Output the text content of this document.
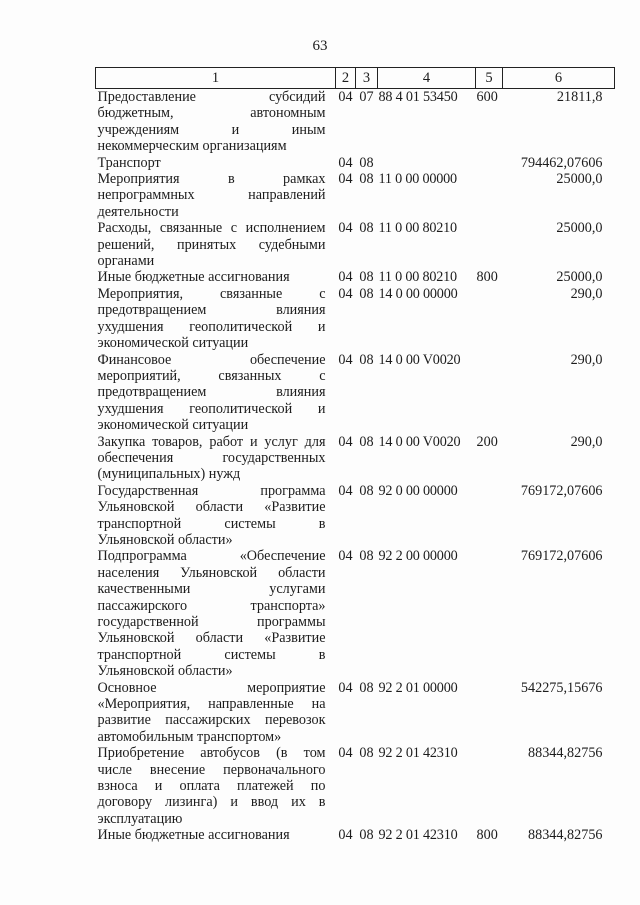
63
1	2	3	4	5	6
Предоставление субсидий бюджетным, автономным учреждениям и иным некоммерческим организациям	04	07	88 4 01 53450	600	21811,8
Транспорт	04	08			794462,07606
Мероприятия в рамках непрограммных направлений деятельности	04	08	11 0 00 00000		25000,0
Расходы, связанные с исполнением решений, принятых судебными органами	04	08	11 0 00 80210		25000,0
Иные бюджетные ассигнования	04	08	11 0 00 80210	800	25000,0
Мероприятия, связанные с предотвращением влияния ухудшения геополитической и экономической ситуации	04	08	14 0 00 00000		290,0
Финансовое обеспечение мероприятий, связанных с предотвращением влияния ухудшения геополитической и экономической ситуации	04	08	14 0 00 V0020		290,0
Закупка товаров, работ и услуг для обеспечения государственных (муниципальных) нужд	04	08	14 0 00 V0020	200	290,0
Государственная программа Ульяновской области «Развитие транспортной системы в Ульяновской области»	04	08	92 0 00 00000		769172,07606
Подпрограмма «Обеспечение населения Ульяновской области качественными услугами пассажирского транспорта» государственной программы Ульяновской области «Развитие транспортной системы в Ульяновской области»	04	08	92 2 00 00000		769172,07606
Основное мероприятие «Мероприятия, направленные на развитие пассажирских перевозок автомобильным транспортом»	04	08	92 2 01 00000		542275,15676
Приобретение автобусов (в том числе внесение первоначального взноса и оплата платежей по договору лизинга) и ввод их в эксплуатацию	04	08	92 2 01 42310		88344,82756
Иные бюджетные ассигнования	04	08	92 2 01 42310	800	88344,82756
